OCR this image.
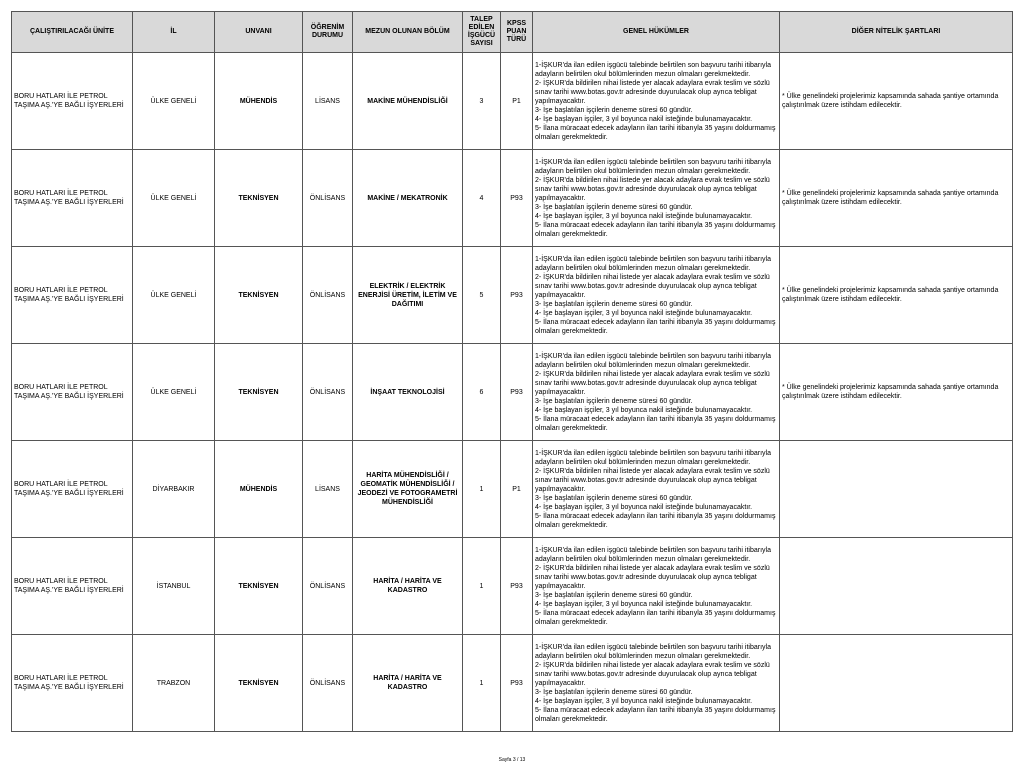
ÇALIŞTIRILACAĞI ÜNİTE	İL	UNVANI	ÖĞRENİM
DURUMU	MEZUN OLUNAN BÖLÜM	TALEP
EDİLEN
İŞGÜCÜ
SAYISI	KPSS
PUAN
TÜRÜ	GENEL HÜKÜMLER	DİĞER NİTELİK ŞARTLARI
BORU HATLARI İLE PETROL TAŞIMA AŞ.'YE BAĞLI İŞYERLERİ	ÜLKE GENELİ	MÜHENDİS	LİSANS	MAKİNE MÜHENDİSLİĞİ	3	P1	1-İŞKUR'da ilan edilen işgücü talebinde belirtilen son başvuru tarihi itibarıyla adayların belirtilen okul bölümlerinden mezun olmaları gerekmektedir.
2- İŞKUR'da bildirilen nihai listede yer alacak adaylara evrak teslim ve sözlü sınav tarihi www.botas.gov.tr adresinde duyurulacak olup ayrıca tebligat yapılmayacaktır.
3- İşe başlatılan işçilerin deneme süresi 60 gündür.
4- İşe başlayan işçiler, 3 yıl boyunca nakil isteğinde bulunamayacaktır.
5- İlana müracaat edecek adayların ilan tarihi itibarıyla 35 yaşını doldurmamış olmaları gerekmektedir.	* Ülke genelindeki projelerimiz kapsamında sahada şantiye ortamında çalıştırılmak üzere istihdam edilecektir.
BORU HATLARI İLE PETROL TAŞIMA AŞ.'YE BAĞLI İŞYERLERİ	ÜLKE GENELİ	TEKNİSYEN	ÖNLİSANS	MAKİNE / MEKATRONİK	4	P93	1-İŞKUR'da ilan edilen işgücü talebinde belirtilen son başvuru tarihi itibarıyla adayların belirtilen okul bölümlerinden mezun olmaları gerekmektedir.
2- İŞKUR'da bildirilen nihai listede yer alacak adaylara evrak teslim ve sözlü sınav tarihi www.botas.gov.tr adresinde duyurulacak olup ayrıca tebligat yapılmayacaktır.
3- İşe başlatılan işçilerin deneme süresi 60 gündür.
4- İşe başlayan işçiler, 3 yıl boyunca nakil isteğinde bulunamayacaktır.
5- İlana müracaat edecek adayların ilan tarihi itibarıyla 35 yaşını doldurmamış olmaları gerekmektedir.	* Ülke genelindeki projelerimiz kapsamında sahada şantiye ortamında çalıştırılmak üzere istihdam edilecektir.
BORU HATLARI İLE PETROL TAŞIMA AŞ.'YE BAĞLI İŞYERLERİ	ÜLKE GENELİ	TEKNİSYEN	ÖNLİSANS	ELEKTRİK / ELEKTRİK ENERJİSİ ÜRETİM, İLETİM VE DAĞITIMI	5	P93	1-İŞKUR'da ilan edilen işgücü talebinde belirtilen son başvuru tarihi itibarıyla adayların belirtilen okul bölümlerinden mezun olmaları gerekmektedir.
2- İŞKUR'da bildirilen nihai listede yer alacak adaylara evrak teslim ve sözlü sınav tarihi www.botas.gov.tr adresinde duyurulacak olup ayrıca tebligat yapılmayacaktır.
3- İşe başlatılan işçilerin deneme süresi 60 gündür.
4- İşe başlayan işçiler, 3 yıl boyunca nakil isteğinde bulunamayacaktır.
5- İlana müracaat edecek adayların ilan tarihi itibarıyla 35 yaşını doldurmamış olmaları gerekmektedir.	* Ülke genelindeki projelerimiz kapsamında sahada şantiye ortamında çalıştırılmak üzere istihdam edilecektir.
BORU HATLARI İLE PETROL TAŞIMA AŞ.'YE BAĞLI İŞYERLERİ	ÜLKE GENELİ	TEKNİSYEN	ÖNLİSANS	İNŞAAT TEKNOLOJİSİ	6	P93	1-İŞKUR'da ilan edilen işgücü talebinde belirtilen son başvuru tarihi itibarıyla adayların belirtilen okul bölümlerinden mezun olmaları gerekmektedir.
2- İŞKUR'da bildirilen nihai listede yer alacak adaylara evrak teslim ve sözlü sınav tarihi www.botas.gov.tr adresinde duyurulacak olup ayrıca tebligat yapılmayacaktır.
3- İşe başlatılan işçilerin deneme süresi 60 gündür.
4- İşe başlayan işçiler, 3 yıl boyunca nakil isteğinde bulunamayacaktır.
5- İlana müracaat edecek adayların ilan tarihi itibarıyla 35 yaşını doldurmamış olmaları gerekmektedir.	* Ülke genelindeki projelerimiz kapsamında sahada şantiye ortamında çalıştırılmak üzere istihdam edilecektir.
BORU HATLARI İLE PETROL TAŞIMA AŞ.'YE BAĞLI İŞYERLERİ	DİYARBAKIR	MÜHENDİS	LİSANS	HARİTA MÜHENDİSLİĞİ / GEOMATİK MÜHENDİSLİĞİ / JEODEZİ VE FOTOGRAMETRİ MÜHENDİSLİĞİ	1	P1	1-İŞKUR'da ilan edilen işgücü talebinde belirtilen son başvuru tarihi itibarıyla adayların belirtilen okul bölümlerinden mezun olmaları gerekmektedir.
2- İŞKUR'da bildirilen nihai listede yer alacak adaylara evrak teslim ve sözlü sınav tarihi www.botas.gov.tr adresinde duyurulacak olup ayrıca tebligat yapılmayacaktır.
3- İşe başlatılan işçilerin deneme süresi 60 gündür.
4- İşe başlayan işçiler, 3 yıl boyunca nakil isteğinde bulunamayacaktır.
5- İlana müracaat edecek adayların ilan tarihi itibarıyla 35 yaşını doldurmamış olmaları gerekmektedir.	

BORU HATLARI İLE PETROL TAŞIMA AŞ.'YE BAĞLI İŞYERLERİ	İSTANBUL	TEKNİSYEN	ÖNLİSANS	HARİTA / HARİTA VE KADASTRO	1	P93	1-İŞKUR'da ilan edilen işgücü talebinde belirtilen son başvuru tarihi itibarıyla adayların belirtilen okul bölümlerinden mezun olmaları gerekmektedir.
2- İŞKUR'da bildirilen nihai listede yer alacak adaylara evrak teslim ve sözlü sınav tarihi www.botas.gov.tr adresinde duyurulacak olup ayrıca tebligat yapılmayacaktır.
3- İşe başlatılan işçilerin deneme süresi 60 gündür.
4- İşe başlayan işçiler, 3 yıl boyunca nakil isteğinde bulunamayacaktır.
5- İlana müracaat edecek adayların ilan tarihi itibarıyla 35 yaşını doldurmamış olmaları gerekmektedir.	

BORU HATLARI İLE PETROL TAŞIMA AŞ.'YE BAĞLI İŞYERLERİ	TRABZON	TEKNİSYEN	ÖNLİSANS	HARİTA / HARİTA VE KADASTRO	1	P93	1-İŞKUR'da ilan edilen işgücü talebinde belirtilen son başvuru tarihi itibarıyla adayların belirtilen okul bölümlerinden mezun olmaları gerekmektedir.
2- İŞKUR'da bildirilen nihai listede yer alacak adaylara evrak teslim ve sözlü sınav tarihi www.botas.gov.tr adresinde duyurulacak olup ayrıca tebligat yapılmayacaktır.
3- İşe başlatılan işçilerin deneme süresi 60 gündür.
4- İşe başlayan işçiler, 3 yıl boyunca nakil isteğinde bulunamayacaktır.
5- İlana müracaat edecek adayların ilan tarihi itibarıyla 35 yaşını doldurmamış olmaları gerekmektedir.	

Sayfa 3 / 13
